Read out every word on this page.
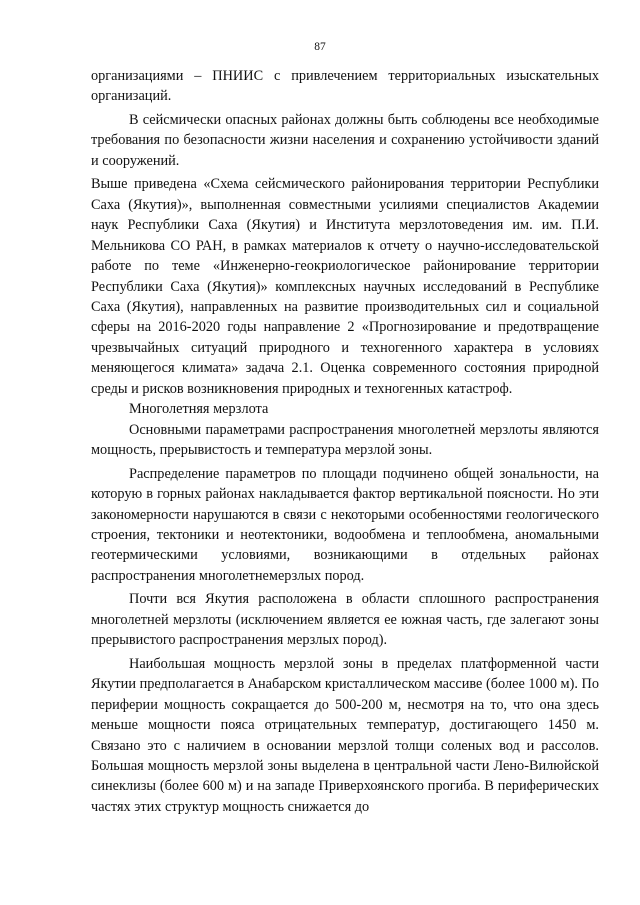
87

организациями – ПНИИС с привлечением территориальных изыскательных организаций.

В сейсмически опасных районах должны быть соблюдены все необходимые требования по безопасности жизни населения и сохранению устойчивости зданий и сооружений.

Выше приведена «Схема сейсмического районирования территории Республики Саха (Якутия)», выполненная совместными усилиями специалистов Академии наук Республики Саха (Якутия) и Института мерзлотоведения им. им. П.И. Мельникова СО РАН, в рамках материалов к отчету о научно-исследовательской работе по теме «Инженерно-геокриологическое районирование территории Республики Саха (Якутия)» комплексных научных исследований в Республике Саха (Якутия), направленных на развитие производительных сил и социальной сферы на 2016-2020 годы направление 2 «Прогнозирование и предотвращение чрезвычайных ситуаций природного и техногенного характера в условиях меняющегося климата» задача 2.1. Оценка современного состояния природной среды и рисков возникновения природных и техногенных катастроф.

Многолетняя мерзлота

Основными параметрами распространения многолетней мерзлоты являются мощность, прерывистость и температура мерзлой зоны.

Распределение параметров по площади подчинено общей зональности, на которую в горных районах накладывается фактор вертикальной поясности. Но эти закономерности нарушаются в связи с некоторыми особенностями геологического строения, тектоники и неотектоники, водообмена и теплообмена, аномальными геотермическими условиями, возникающими в отдельных районах распространения многолетнемерзлых пород.

Почти вся Якутия расположена в области сплошного распространения многолетней мерзлоты (исключением является ее южная часть, где залегают зоны прерывистого распространения мерзлых пород).

Наибольшая мощность мерзлой зоны в пределах платформенной части Якутии предполагается в Анабарском кристаллическом массиве (более 1000 м). По периферии мощность сокращается до 500-200 м, несмотря на то, что она здесь меньше мощности пояса отрицательных температур, достигающего 1450 м. Связано это с наличием в основании мерзлой толщи соленых вод и рассолов. Большая мощность мерзлой зоны выделена в центральной части Лено-Вилюйской синеклизы (более 600 м) и на западе Приверхоянского прогиба. В периферических частях этих структур мощность снижается до
